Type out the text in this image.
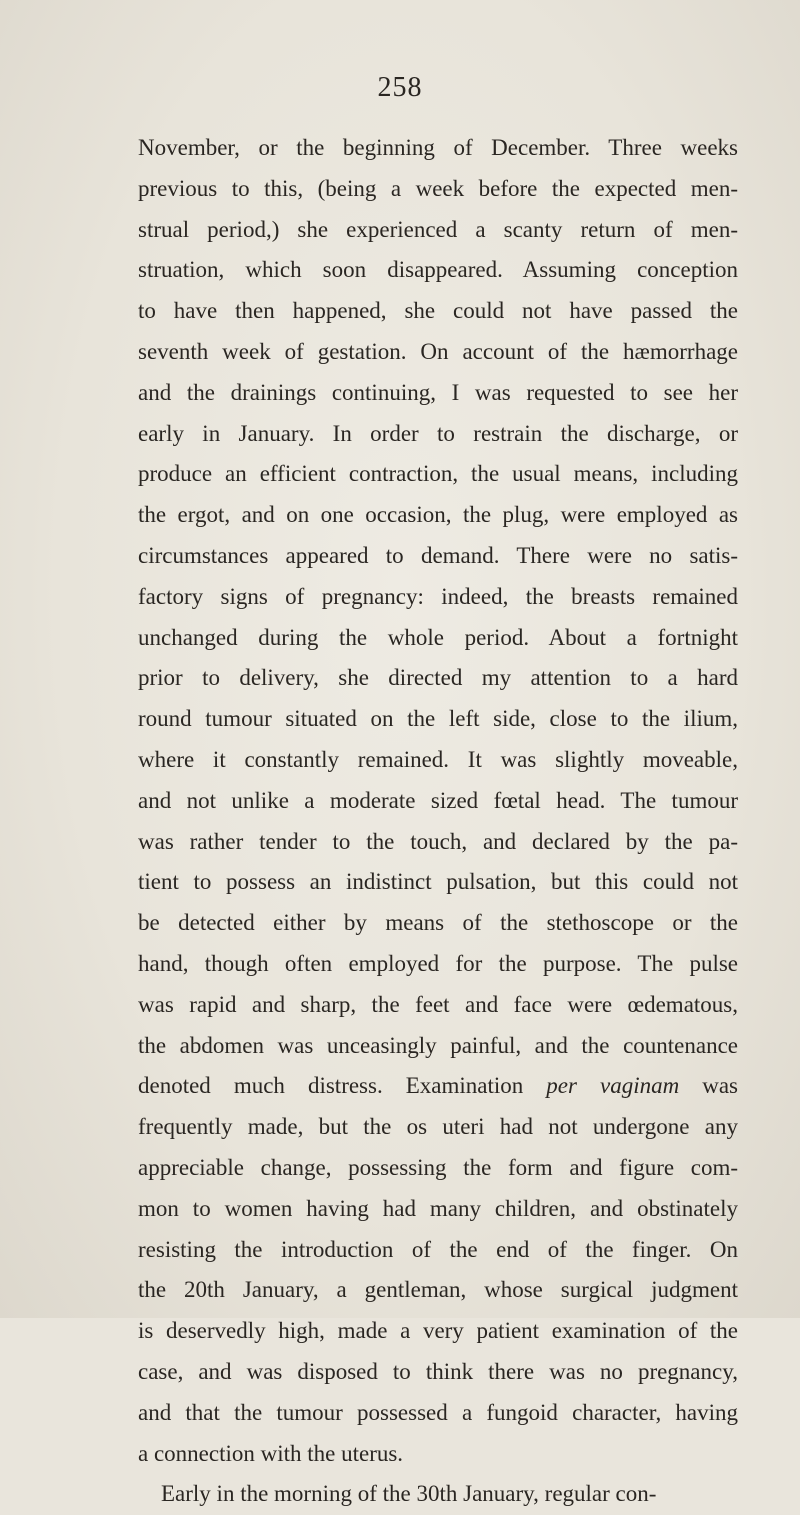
258
November, or the beginning of December. Three weeks
previous to this, (being a week before the expected men-
strual period,) she experienced a scanty return of men-
struation, which soon disappeared. Assuming conception
to have then happened, she could not have passed the
seventh week of gestation. On account of the hæmorrhage
and the drainings continuing, I was requested to see her
early in January. In order to restrain the discharge, or
produce an efficient contraction, the usual means, including
the ergot, and on one occasion, the plug, were employed as
circumstances appeared to demand. There were no satis-
factory signs of pregnancy: indeed, the breasts remained
unchanged during the whole period. About a fortnight
prior to delivery, she directed my attention to a hard
round tumour situated on the left side, close to the ilium,
where it constantly remained. It was slightly moveable,
and not unlike a moderate sized fœtal head. The tumour
was rather tender to the touch, and declared by the pa-
tient to possess an indistinct pulsation, but this could not
be detected either by means of the stethoscope or the
hand, though often employed for the purpose. The pulse
was rapid and sharp, the feet and face were œdematous,
the abdomen was unceasingly painful, and the countenance
denoted much distress. Examination per vaginam was
frequently made, but the os uteri had not undergone any
appreciable change, possessing the form and figure com-
mon to women having had many children, and obstinately
resisting the introduction of the end of the finger. On
the 20th January, a gentleman, whose surgical judgment
is deservedly high, made a very patient examination of the
case, and was disposed to think there was no pregnancy,
and that the tumour possessed a fungoid character, having
a connection with the uterus.
Early in the morning of the 30th January, regular con-
